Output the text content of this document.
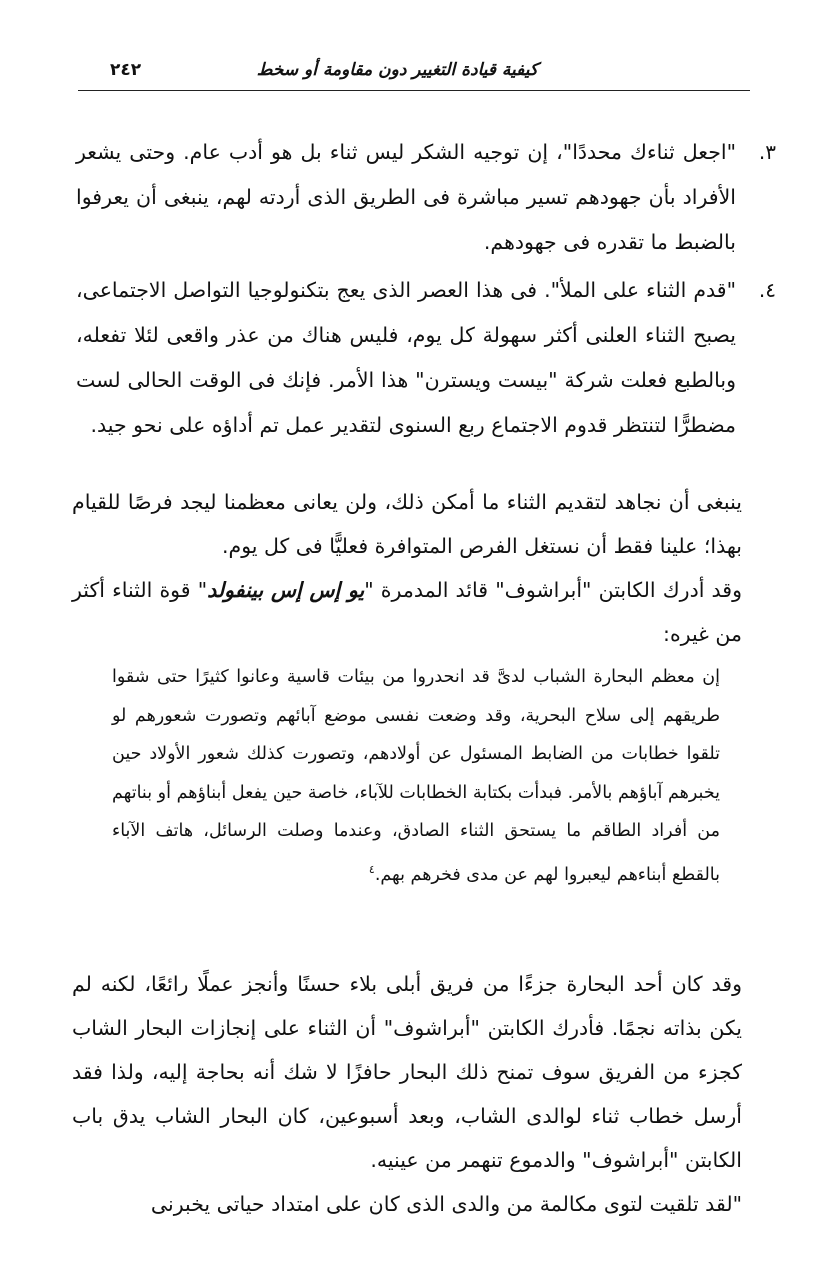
كيفية قيادة التغيير دون مقاومة أو سخط
٢٤٢
٣.
"اجعل ثناءك محددًا"، إن توجيه الشكر ليس ثناء بل هو أدب عام. وحتى يشعر الأفراد بأن جهودهم تسير مباشرة فى الطريق الذى أردته لهم، ينبغى أن يعرفوا بالضبط ما تقدره فى جهودهم.
٤.
"قدم الثناء على الملأ". فى هذا العصر الذى يعج بتكنولوجيا التواصل الاجتماعى، يصبح الثناء العلنى أكثر سهولة كل يوم، فليس هناك من عذر واقعى لئلا تفعله، وبالطبع فعلت شركة "بيست ويسترن" هذا الأمر. فإنك فى الوقت الحالى لست مضطرًّا لتنتظر قدوم الاجتماع ربع السنوى لتقدير عمل تم أداؤه على نحو جيد.

ينبغى أن نجاهد لتقديم الثناء ما أمكن ذلك، ولن يعانى معظمنا ليجد فرصًا للقيام بهذا؛ علينا فقط أن نستغل الفرص المتوافرة فعليًّا فى كل يوم.

وقد أدرك الكابتن "أبراشوف" قائد المدمرة "يو إس إس بينفولد" قوة الثناء أكثر من غيره:

إن معظم البحارة الشباب لدىَّ قد انحدروا من بيئات قاسية وعانوا كثيرًا حتى شقوا طريقهم إلى سلاح البحرية، وقد وضعت نفسى موضع آبائهم وتصورت شعورهم لو تلقوا خطابات من الضابط المسئول عن أولادهم، وتصورت كذلك شعور الأولاد حين يخبرهم آباؤهم بالأمر. فبدأت بكتابة الخطابات للآباء، خاصة حين يفعل أبناؤهم أو بناتهم من أفراد الطاقم ما يستحق الثناء الصادق، وعندما وصلت الرسائل، هاتف الآباء بالقطع أبناءهم ليعبروا لهم عن مدى فخرهم بهم.$^٤$

وقد كان أحد البحارة جزءًا من فريق أبلى بلاء حسنًا وأنجز عملًا رائعًا، لكنه لم يكن بذاته نجمًا. فأدرك الكابتن "أبراشوف" أن الثناء على إنجازات البحار الشاب كجزء من الفريق سوف تمنح ذلك البحار حافزًا لا شك أنه بحاجة إليه، ولذا فقد أرسل خطاب ثناء لوالدى الشاب، وبعد أسبوعين، كان البحار الشاب يدق باب الكابتن "أبراشوف" والدموع تنهمر من عينيه.

"لقد تلقيت لتوى مكالمة من والدى الذى كان على امتداد حياتى يخبرنى
